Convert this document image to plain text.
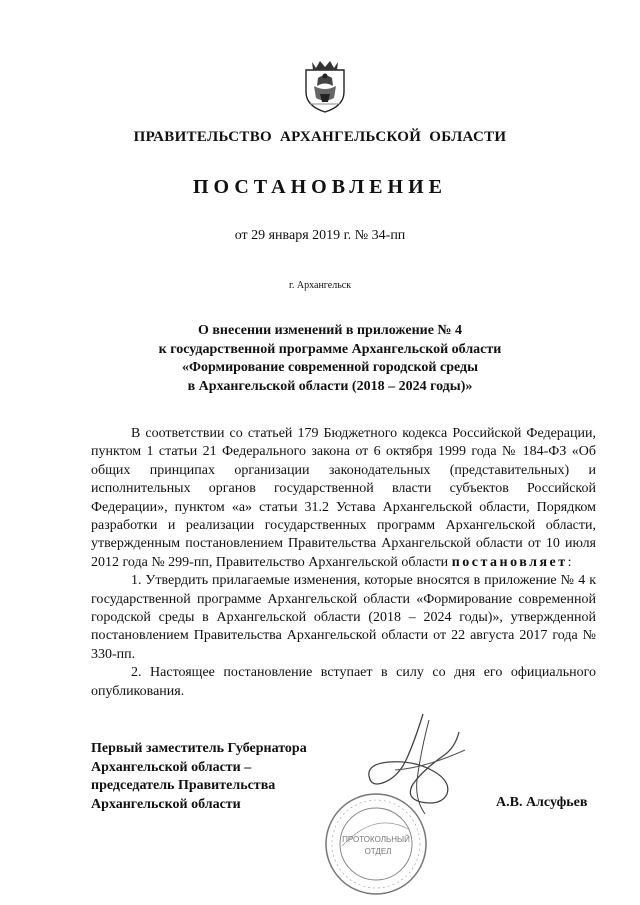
ПРАВИТЕЛЬСТВО АРХАНГЕЛЬСКОЙ ОБЛАСТИ
ПОСТАНОВЛЕНИЕ
от 29 января 2019 г. № 34-пп
г. Архангельск
О внесении изменений в приложение № 4
к государственной программе Архангельской области
«Формирование современной городской среды
в Архангельской области (2018 – 2024 годы)»

В соответствии со статьей 179 Бюджетного кодекса Российской Федерации, пунктом 1 статьи 21 Федерального закона от 6 октября 1999 года № 184-ФЗ «Об общих принципах организации законодательных (представительных) и исполнительных органов государственной власти субъектов Российской Федерации», пунктом «а» статьи 31.2 Устава Архангельской области, Порядком разработки и реализации государственных программ Архангельской области, утвержденным постановлением Правительства Архангельской области от 10 июля 2012 года № 299-пп, Правительство Архангельской области постановляет:

1. Утвердить прилагаемые изменения, которые вносятся в приложение № 4 к государственной программе Архангельской области «Формирование современной городской среды в Архангельской области (2018 – 2024 годы)», утвержденной постановлением Правительства Архангельской области от 22 августа 2017 года № 330-пп.

2. Настоящее постановление вступает в силу со дня его официального опубликования.

Первый заместитель Губернатора
Архангельской области –
председатель Правительства
Архангельской области	А.В. Алсуфьев
ПРОТОКОЛЬНЫЙ
ОТДЕЛ
